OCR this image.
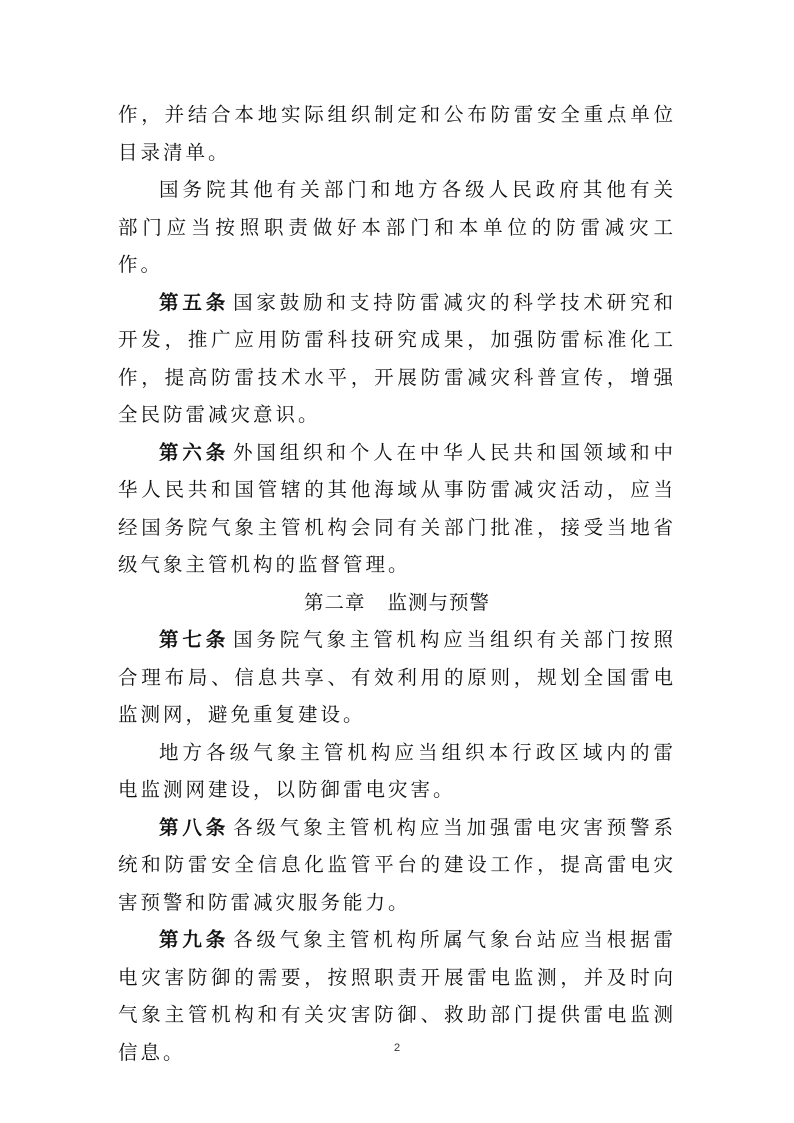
作，并结合本地实际组织制定和公布防雷安全重点单位目录清单。

国务院其他有关部门和地方各级人民政府其他有关部门应当按照职责做好本部门和本单位的防雷减灾工作。

第五条 国家鼓励和支持防雷减灾的科学技术研究和开发，推广应用防雷科技研究成果，加强防雷标准化工作，提高防雷技术水平，开展防雷减灾科普宣传，增强全民防雷减灾意识。

第六条 外国组织和个人在中华人民共和国领域和中华人民共和国管辖的其他海域从事防雷减灾活动，应当经国务院气象主管机构会同有关部门批准，接受当地省级气象主管机构的监督管理。

第二章 监测与预警

第七条 国务院气象主管机构应当组织有关部门按照合理布局、信息共享、有效利用的原则，规划全国雷电监测网，避免重复建设。

地方各级气象主管机构应当组织本行政区域内的雷电监测网建设，以防御雷电灾害。

第八条 各级气象主管机构应当加强雷电灾害预警系统和防雷安全信息化监管平台的建设工作，提高雷电灾害预警和防雷减灾服务能力。

第九条 各级气象主管机构所属气象台站应当根据雷电灾害防御的需要，按照职责开展雷电监测，并及时向气象主管机构和有关灾害防御、救助部门提供雷电监测信息。	2
